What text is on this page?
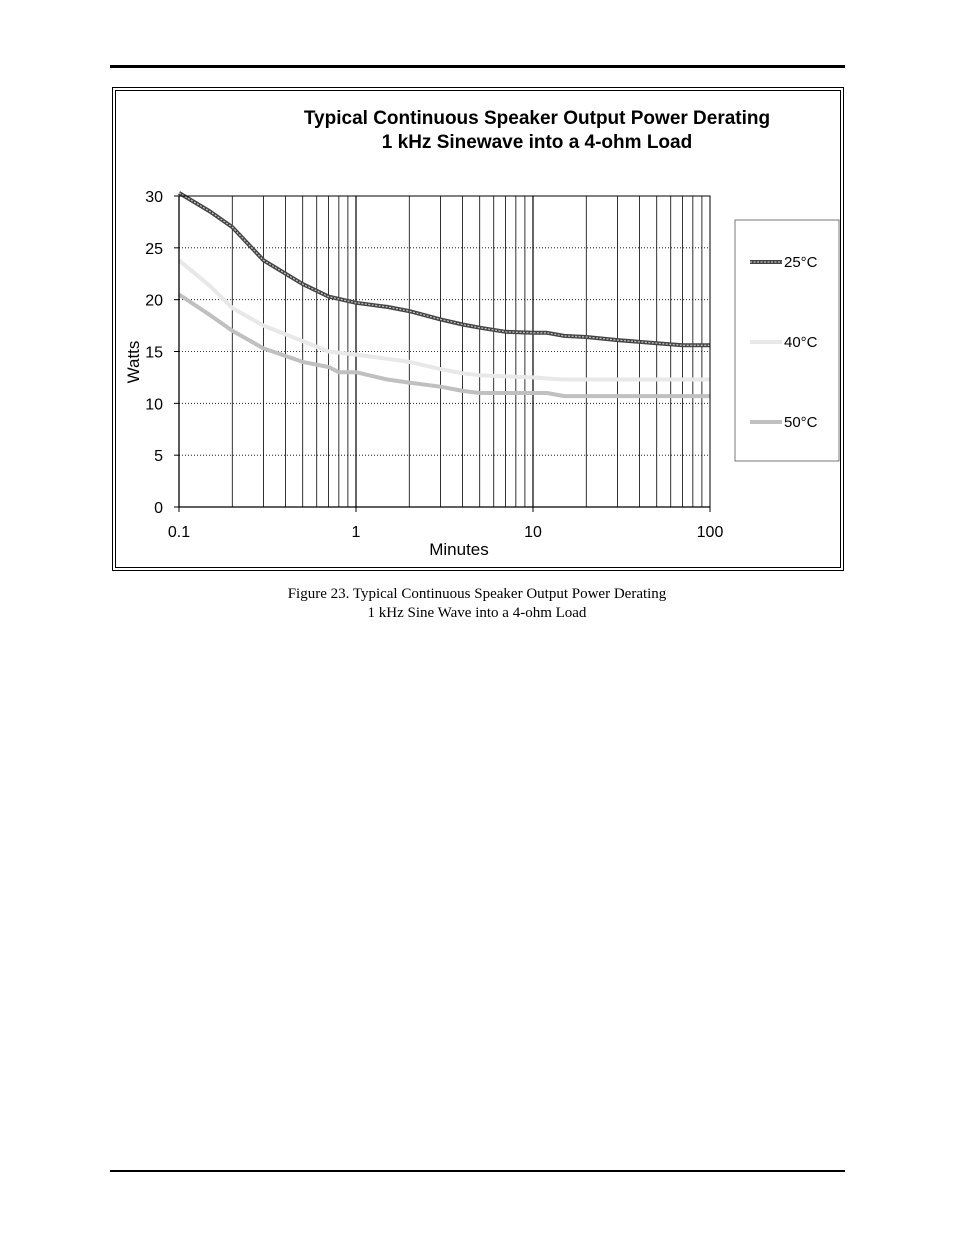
Typical Continuous Speaker Output Power Derating
1 kHz Sinewave into a 4-ohm Load
0
5
10
15
20
25
30
0.1	1	10	100
Minutes
Watts
25°C
40°C
50°C
Figure 23. Typical Continuous Speaker Output Power Derating
1 kHz Sine Wave into a 4-ohm Load
